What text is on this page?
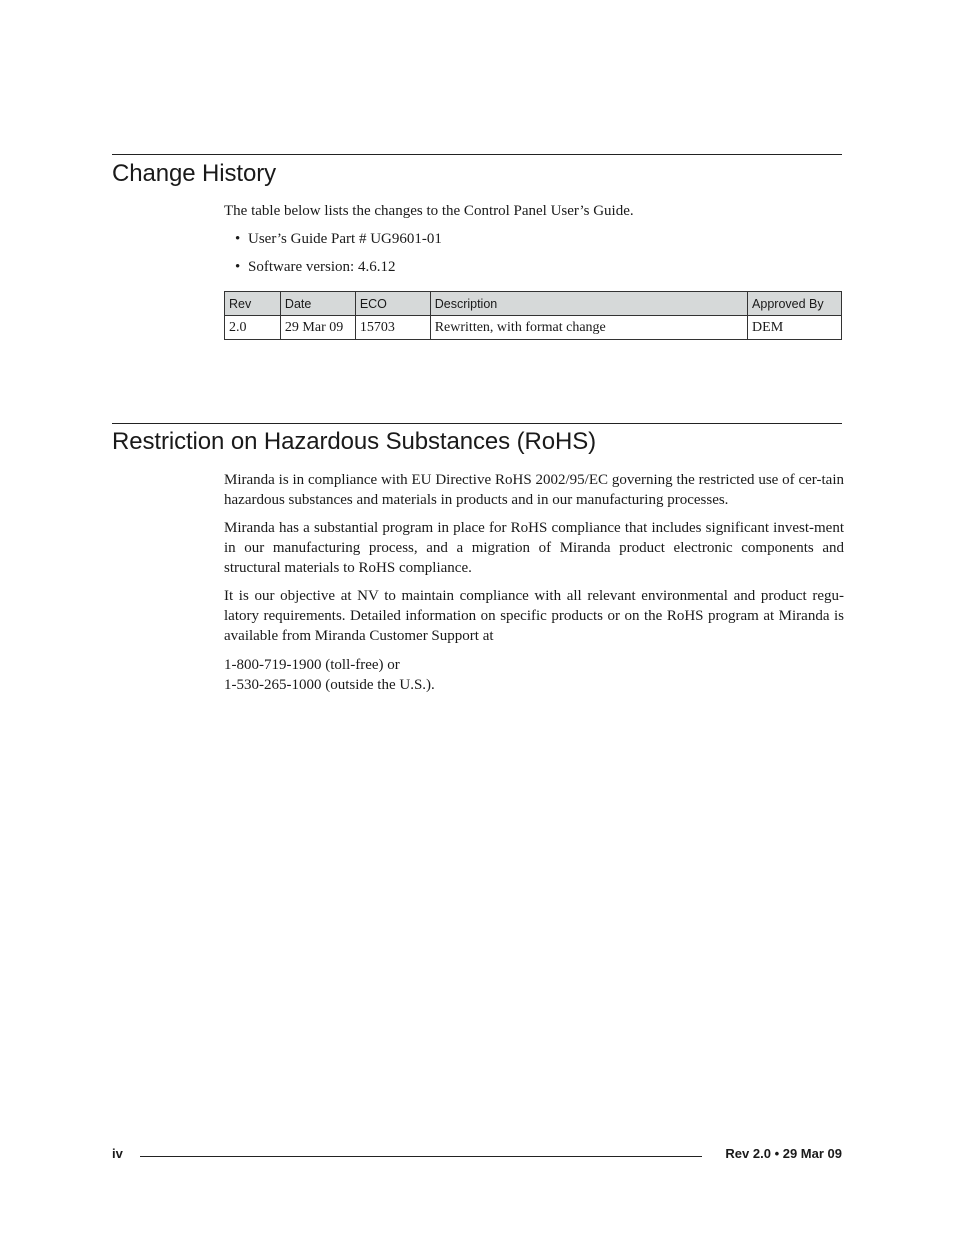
Change History

The table below lists the changes to the Control Panel User’s Guide.

• User’s Guide Part # UG9601-01
• Software version: 4.6.12
Rev	Date	ECO	Description	Approved By
2.0	29 Mar 09	15703	Rewritten, with format change	DEM
Restriction on Hazardous Substances (RoHS)

Miranda is in compliance with EU Directive RoHS 2002/95/EC governing the restricted use of cer-tain hazardous substances and materials in products and in our manufacturing processes.

Miranda has a substantial program in place for RoHS compliance that includes significant invest-ment in our manufacturing process, and a migration of Miranda product electronic components and structural materials to RoHS compliance.

It is our objective at NV to maintain compliance with all relevant environmental and product regu-latory requirements. Detailed information on specific products or on the RoHS program at Miranda is available from Miranda Customer Support at

1-800-719-1900 (toll-free) or
1-530-265-1000 (outside the U.S.).
iv	Rev 2.0 • 29 Mar 09
